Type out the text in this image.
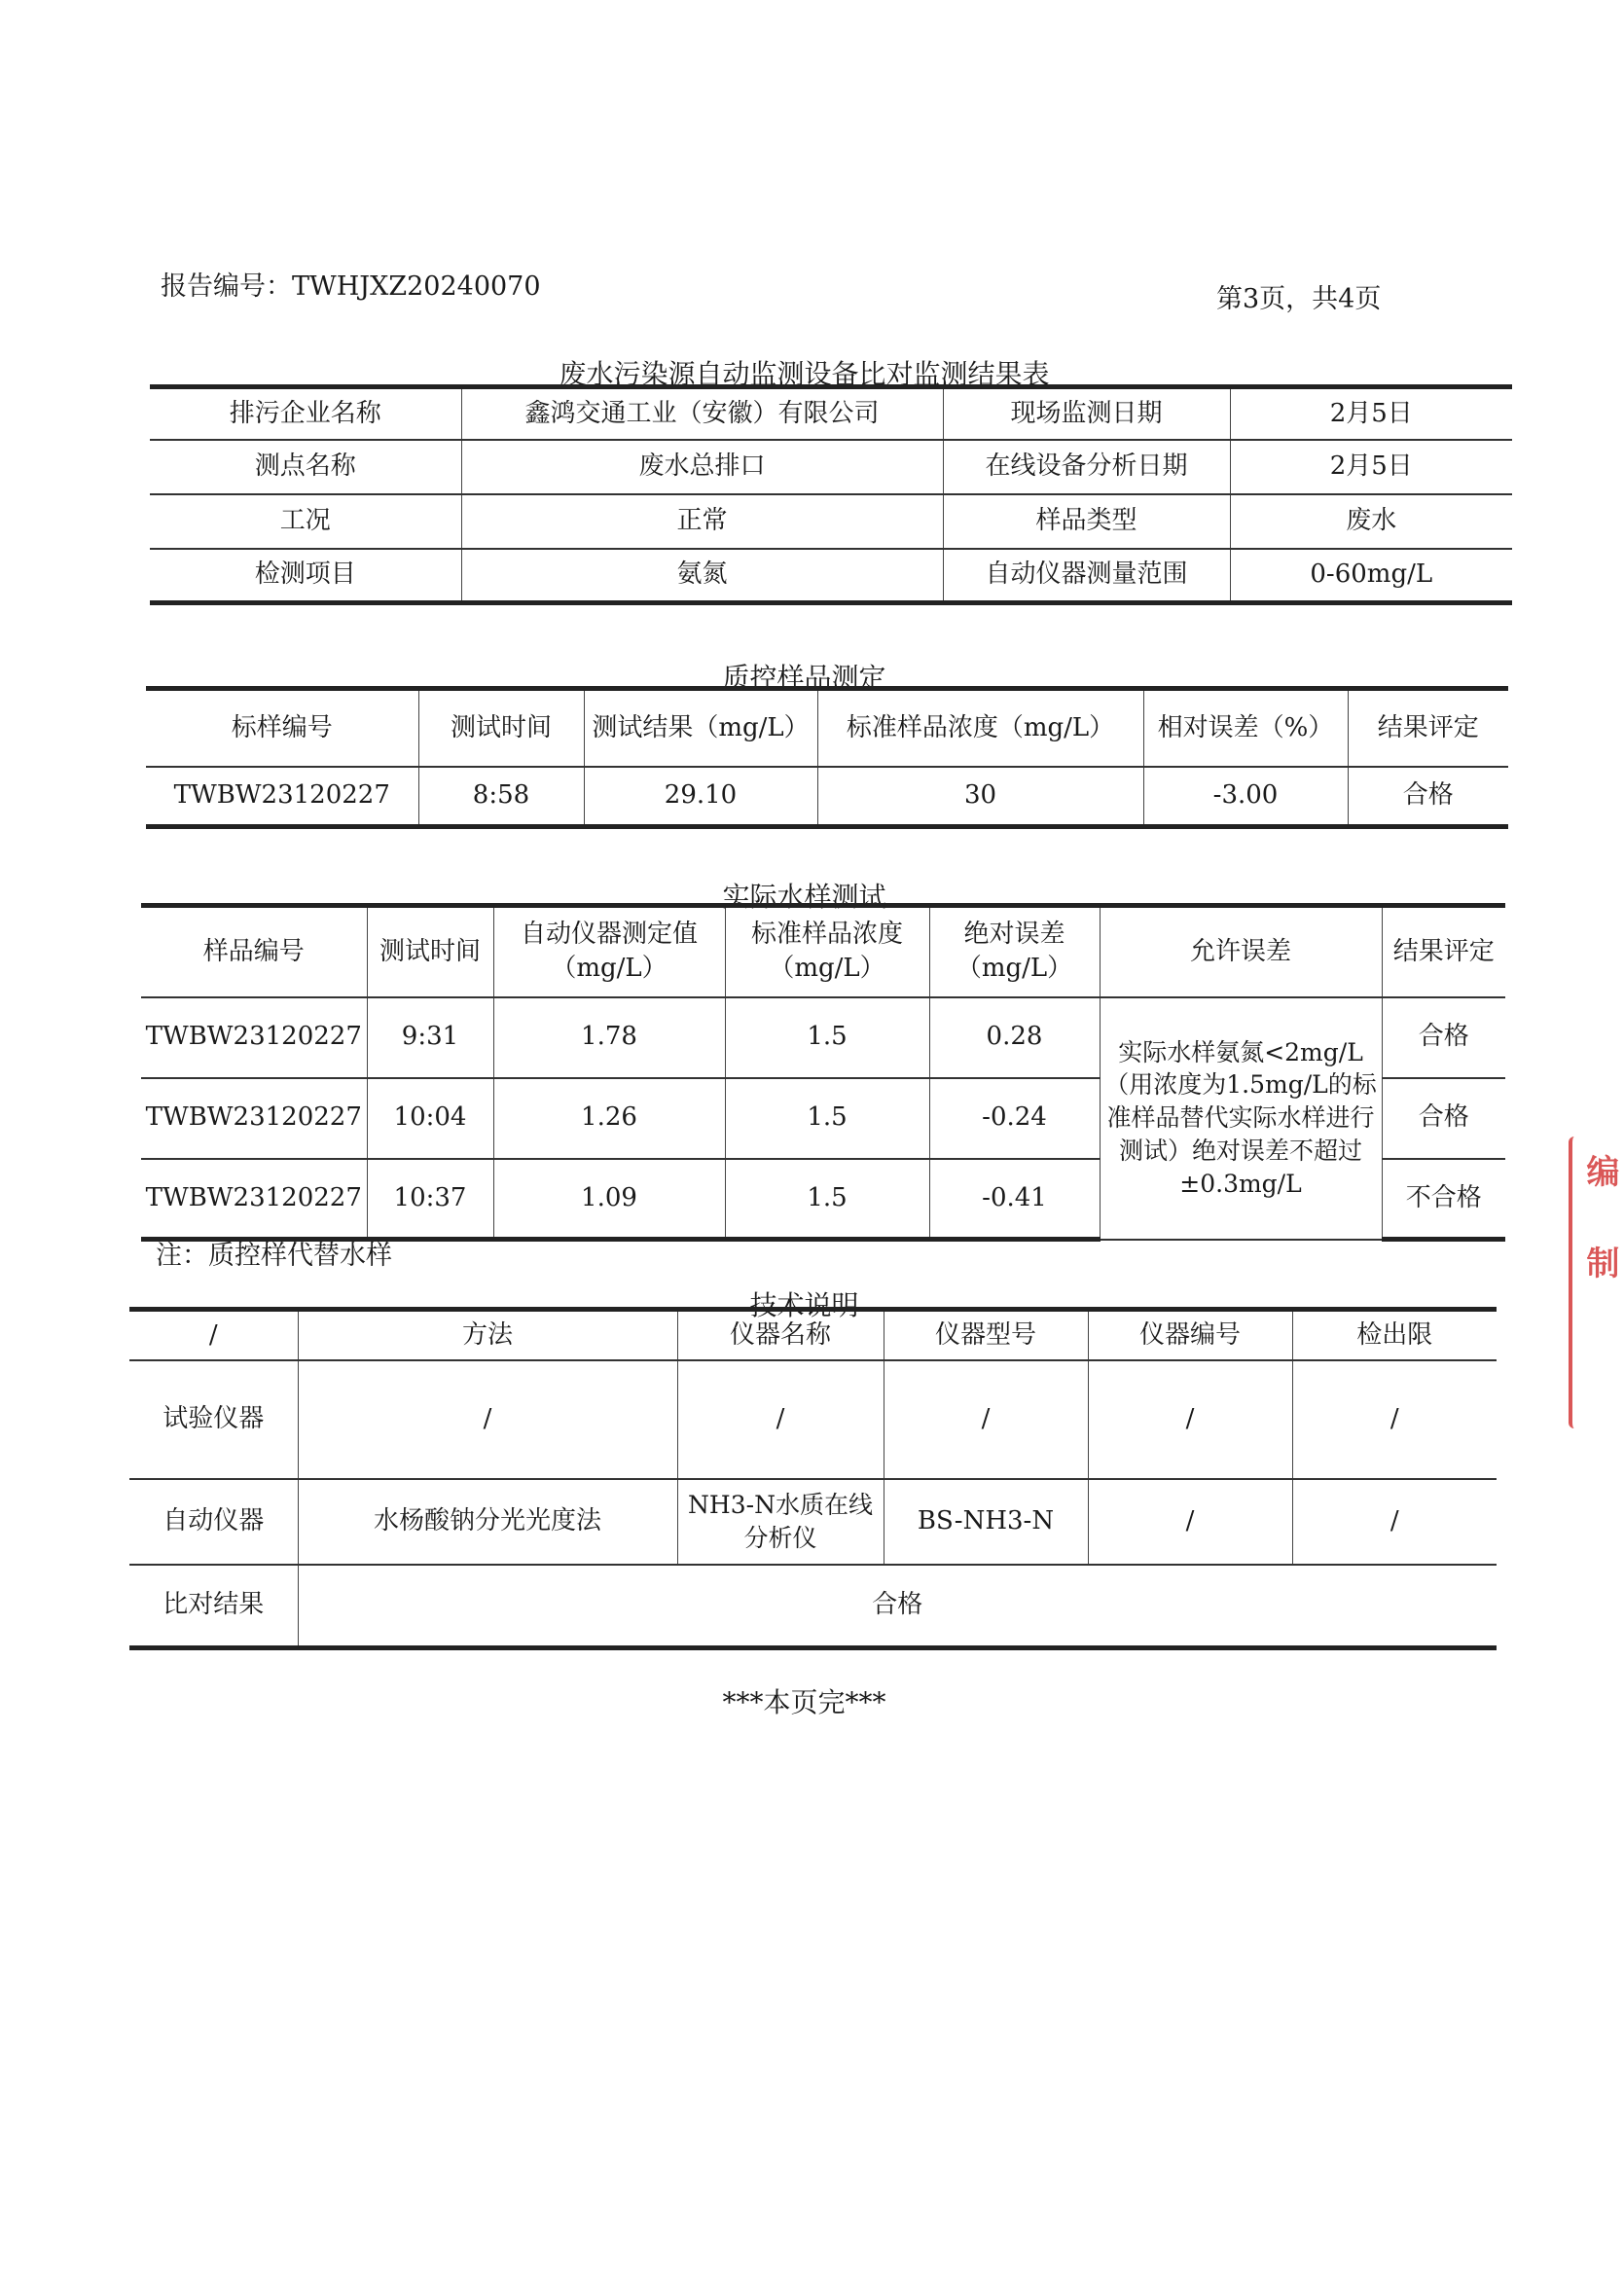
报告编号：TWHJXZ20240070	第3页，共4页
废水污染源自动监测设备比对监测结果表
排污企业名称	鑫鸿交通工业（安徽）有限公司	现场监测日期	2月5日
测点名称	废水总排口	在线设备分析日期	2月5日
工况	正常	样品类型	废水
检测项目	氨氮	自动仪器测量范围	0-60mg/L
质控样品测定
标样编号	测试时间	测试结果（mg/L）	标准样品浓度（mg/L）	相对误差（%）	结果评定
TWBW23120227	8:58	29.10	30	-3.00	合格
实际水样测试
样品编号	测试时间	自动仪器测定值（mg/L）	标准样品浓度（mg/L）	绝对误差（mg/L）	允许误差	结果评定
TWBW23120227	9:31	1.78	1.5	0.28	实际水样氨氮<2mg/L（用浓度为1.5mg/L的标准样品替代实际水样进行测试）绝对误差不超过±0.3mg/L	合格
TWBW23120227	10:04	1.26	1.5	-0.24		合格
TWBW23120227	10:37	1.09	1.5	-0.41		不合格
注：质控样代替水样
技术说明
/	方法	仪器名称	仪器型号	仪器编号	检出限
试验仪器	/	/	/	/	/
自动仪器	水杨酸钠分光光度法	NH3-N水质在线分析仪	BS-NH3-N	/	/
比对结果	合格				
***本页完***
编制
